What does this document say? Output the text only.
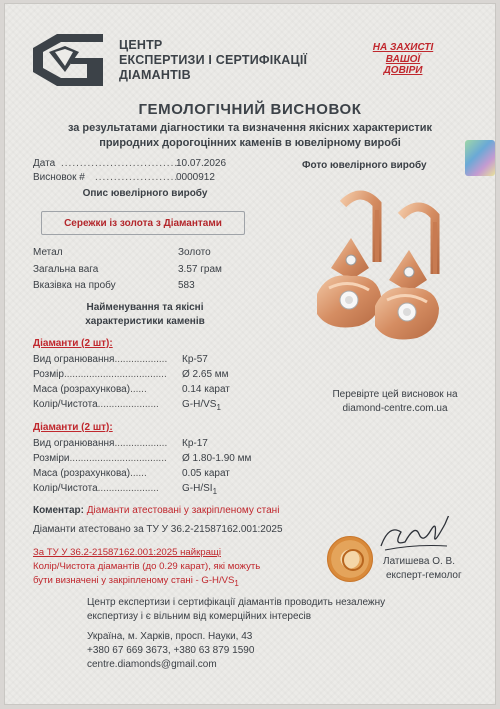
ЦЕНТР
ЕКСПЕРТИЗИ І СЕРТИФІКАЦІЇ
ДІАМАНТІВ
НА ЗАХИСТІ
ВАШОЇ
ДОВІРИ
ГЕМОЛОГІЧНИЙ ВИСНОВОК
за результатами діагностики та визначення якісних характеристик
природних дорогоцінних каменів в ювелірному виробі
Дата ...............................
10.07.2026
Висновок # ......................
0000912
Опис ювелірного виробу
Сережки із золота з Діамантами
Метал	Золото
Загальна вага	3.57 грам
Вказівка на пробу	583
Фото ювелірного виробу
Найменування та якісні
характеристики каменів
Діаманти (2 шт):
Вид огранювання................... Кр-57
Розмір..................................... Ø 2.65 мм
Маса (розрахункова)......	0.14 карат
Колір/Чистота...................... $G-H/VS_1$
Діаманти (2 шт):
Вид огранювання................... Кр-17
Розміри................................... Ø 1.80-1.90 мм
Маса (розрахункова)......	0.05 карат
Колір/Чистота...................... $G-H/SI_1$
Перевірте цей висновок на
diamond-centre.com.ua
Коментар: Діаманти атестовані у закріпленому стані
Діаманти атестовано за ТУ У 36.2-21587162.001:2025
За ТУ У 36.2-21587162.001:2025 найкращі
Колір/Чистота діамантів (до 0.29 карат), які можуть
бути визначені у закріпленому стані - $G-H/VS_1$
Латишева О. В.
експерт-гемолог
Центр експертизи і сертифікації діамантів проводить незалежну
експертизу і є вільним від комерційних інтересів
Україна, м. Харків, просп. Науки, 43
+380 67 669 3673, +380 63 879 1590
centre.diamonds@gmail.com
